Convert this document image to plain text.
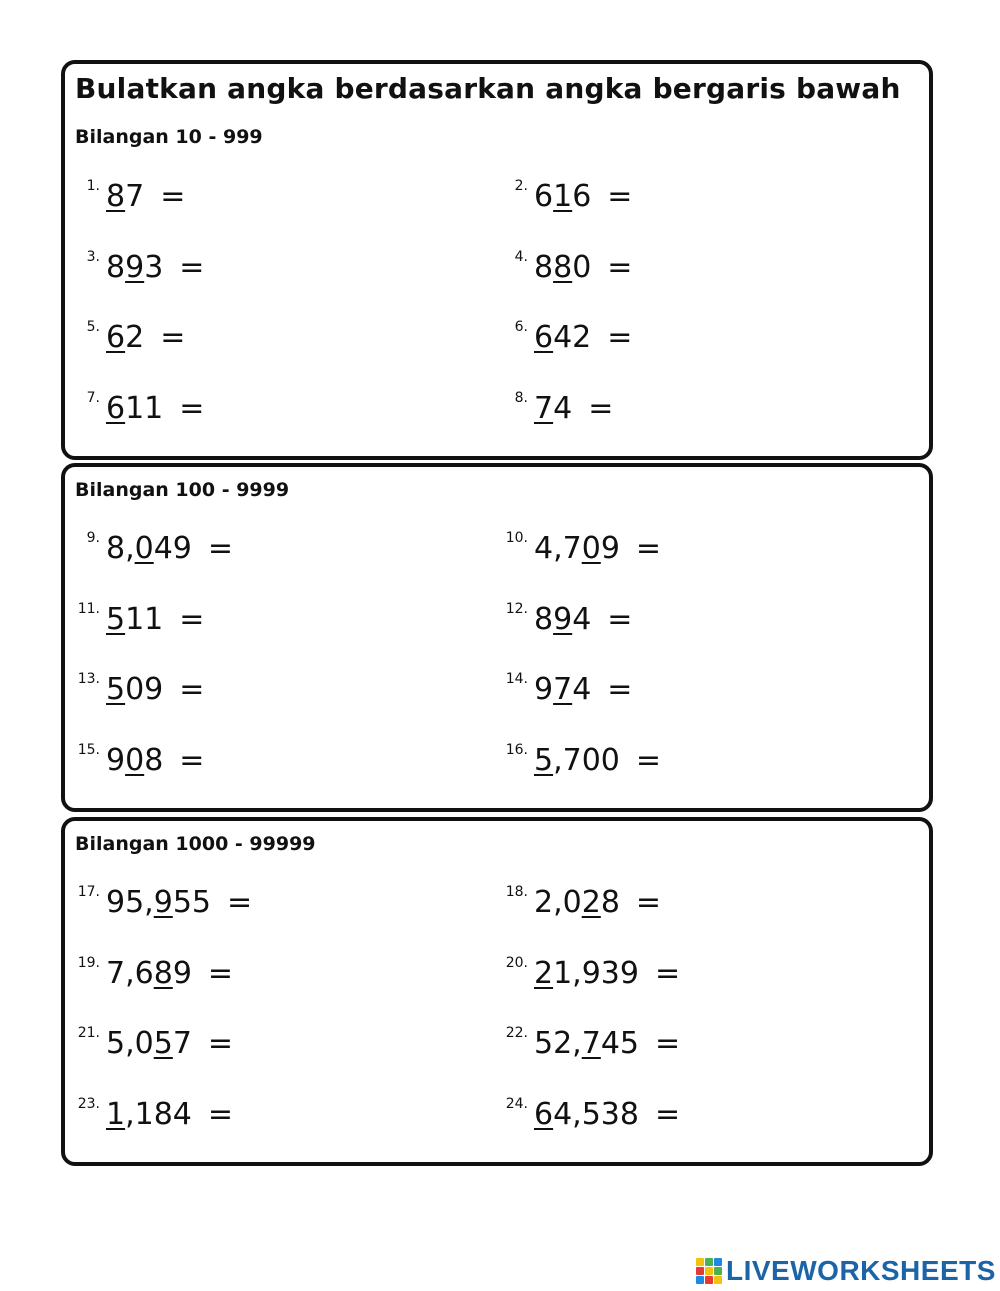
Bulatkan angka berdasarkan angka bergaris bawah
Bilangan 10 - 999
1. 87 =	2. 616 =
3. 893 =	4. 880 =
5. 62 =	6. 642 =
7. 611 =	8. 74 =
Bilangan 100 - 9999
9. 8,049 =	10. 4,709 =
11. 511 =	12. 894 =
13. 509 =	14. 974 =
15. 908 =	16. 5,700 =
Bilangan 1000 - 99999
17. 95,955 =	18. 2,028 =
19. 7,689 =	20. 21,939 =
21. 5,057 =	22. 52,745 =
23. 1,184 =	24. 64,538 =
LIVEWORKSHEETS
